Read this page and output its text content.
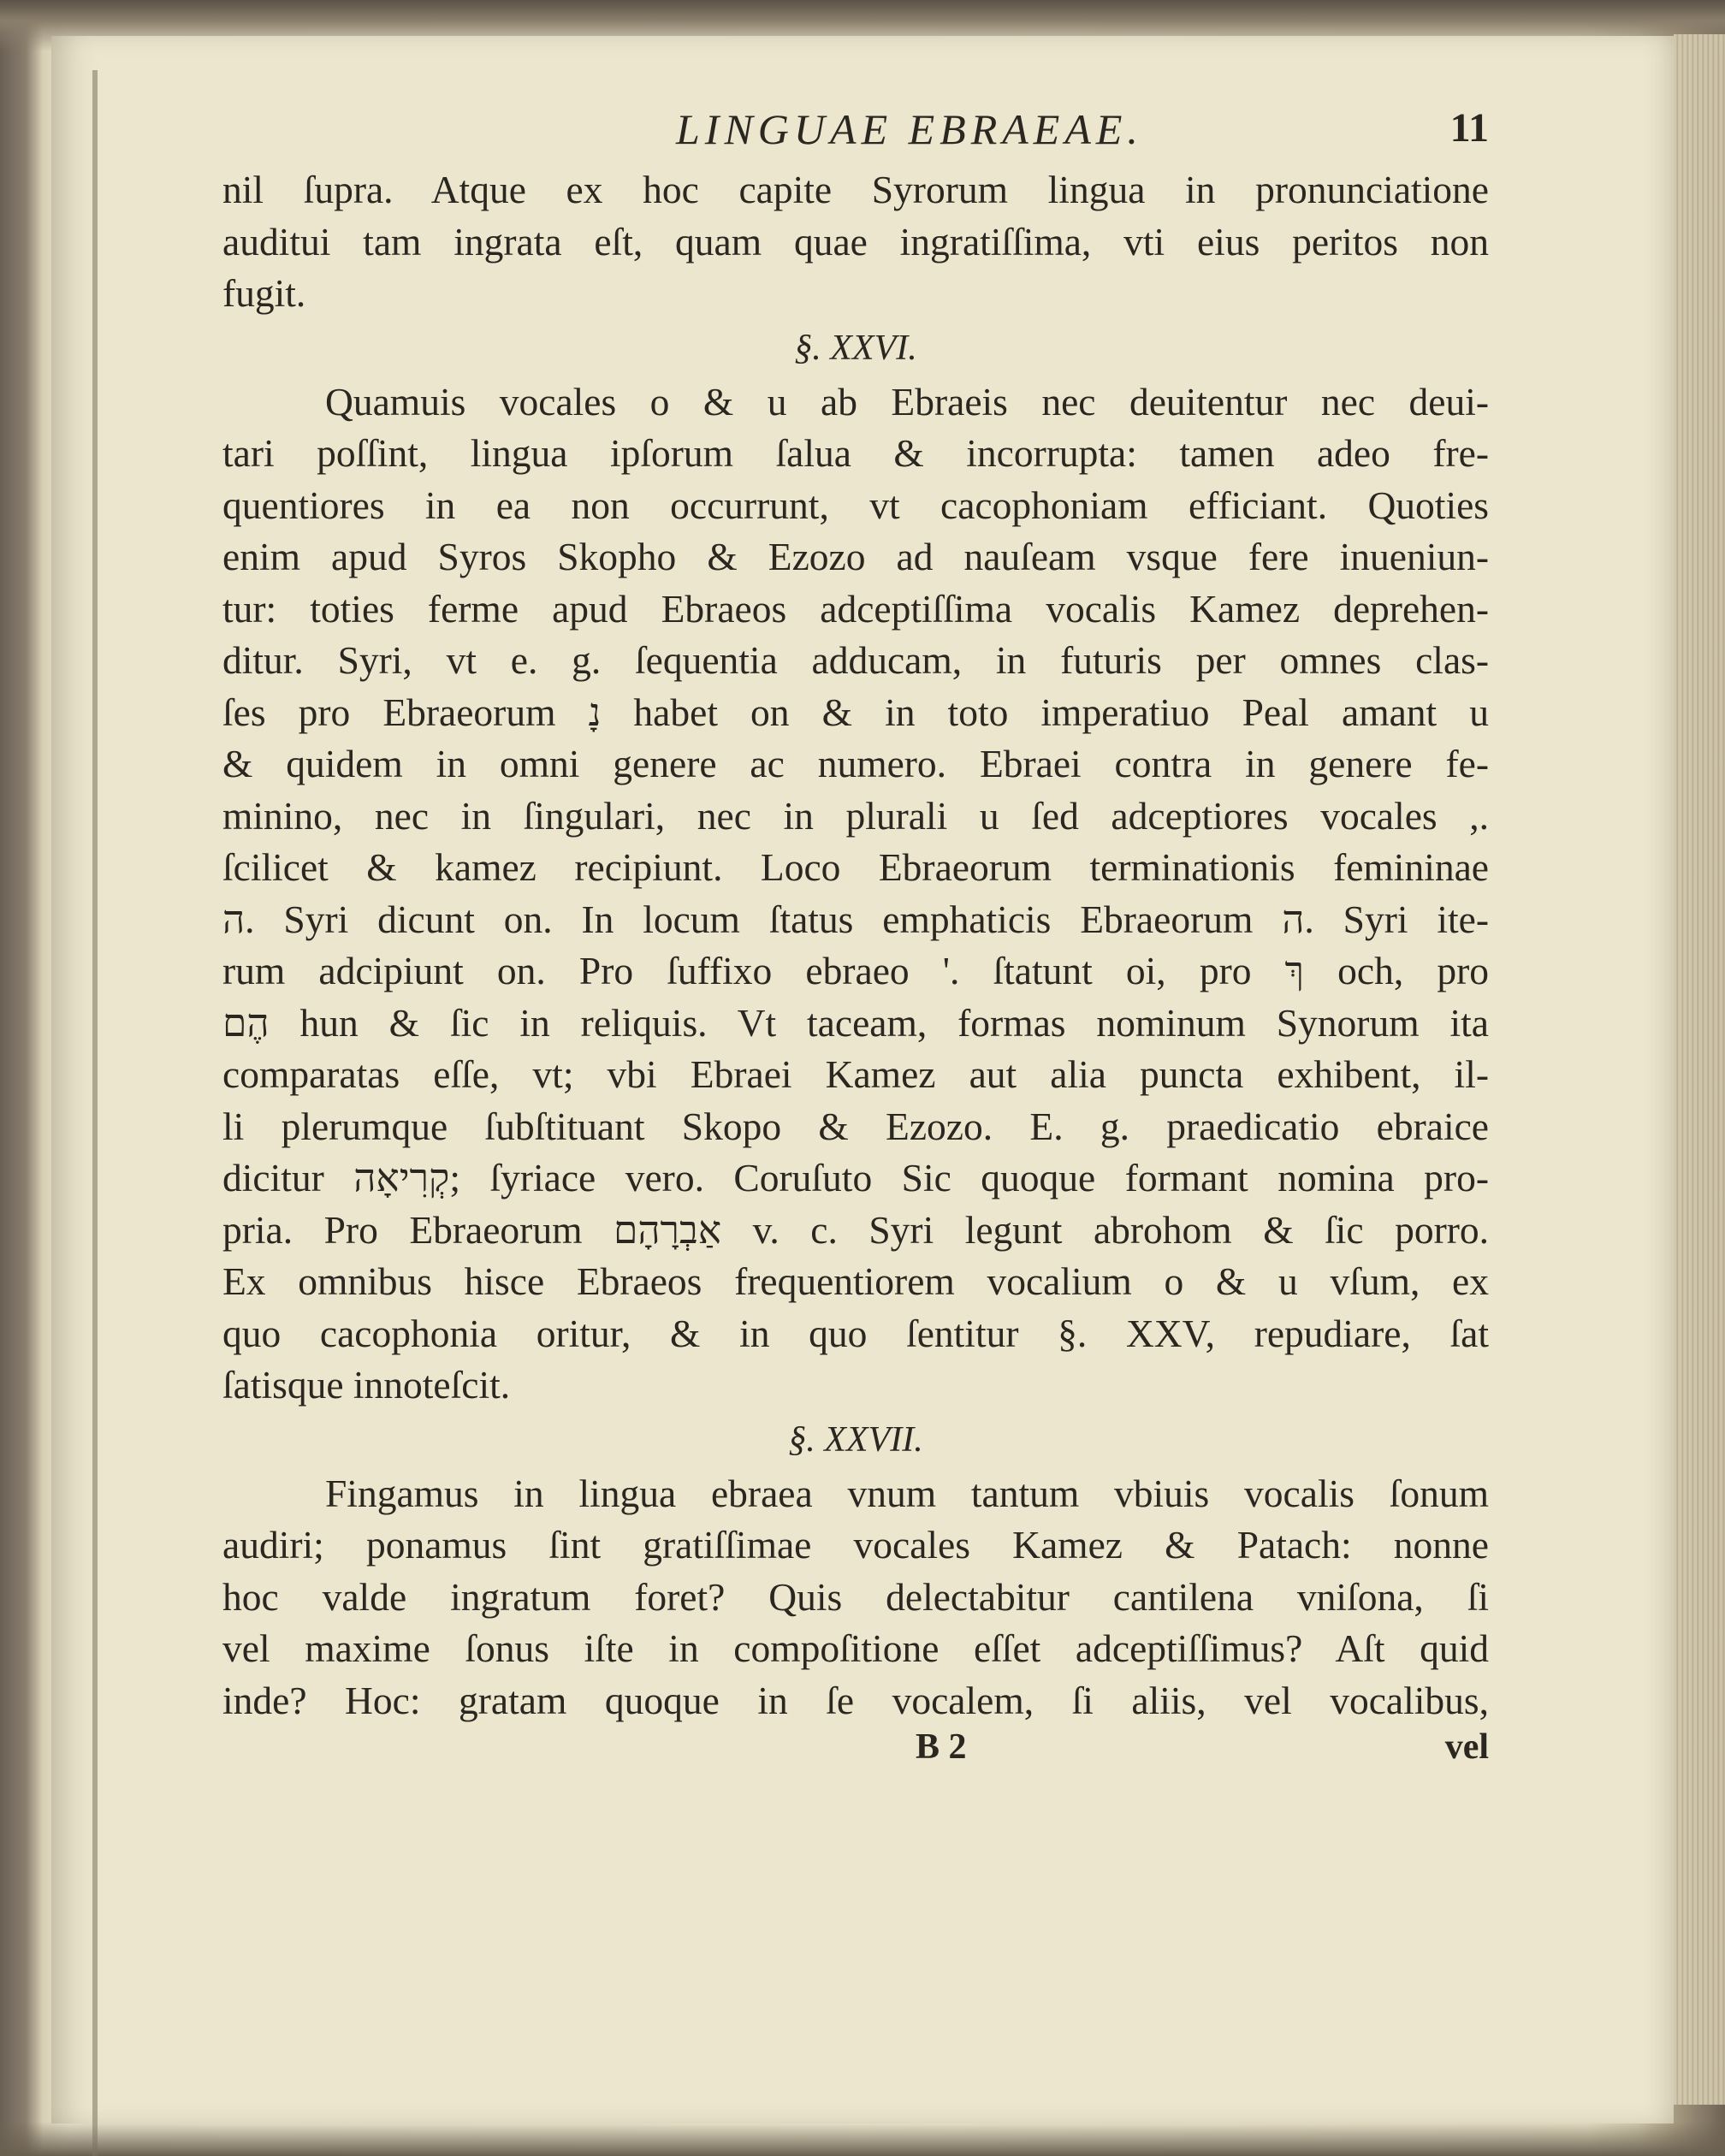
LINGUAE EBRAEAE.	11
nil ſupra. Atque ex hoc capite Syrorum lingua in pronunciatione
auditui tam ingrata eſt, quam quae ingratiſſima, vti eius peritos non
fugit.
§. XXVI.
Quamuis vocales o & u ab Ebraeis nec deuitentur nec deui-
tari poſſint, lingua ipſorum ſalua & incorrupta: tamen adeo fre-
quentiores in ea non occurrunt, vt cacophoniam efficiant. Quoties
enim apud Syros Skopho & Ezozo ad nauſeam vsque fere inueniun-
tur: toties ferme apud Ebraeos adceptiſſima vocalis Kamez deprehen-
ditur. Syri, vt e. g. ſequentia adducam, in futuris per omnes clas-
ſes pro Ebraeorum נָ habet on & in toto imperatiuo Peal amant u
& quidem in omni genere ac numero. Ebraei contra in genere fe-
minino, nec in ſingulari, nec in plurali u ſed adceptiores vocales ,.
ſcilicet & kamez recipiunt. Loco Ebraeorum terminationis femininae
ה. Syri dicunt on. In locum ſtatus emphaticis Ebraeorum ה. Syri ite-
rum adcipiunt on. Pro ſuffixo ebraeo '. ſtatunt oi, pro ךְ och, pro
הֶם hun & ſic in reliquis. Vt taceam, formas nominum Synorum ita
comparatas eſſe, vt; vbi Ebraei Kamez aut alia puncta exhibent, il-
li plerumque ſubſtituant Skopo & Ezozo. E. g. praedicatio ebraice
dicitur קְרִיאָה; ſyriace vero. Coruſuto Sic quoque formant nomina pro-
pria. Pro Ebraeorum אַבְרָהָם v. c. Syri legunt abrohom & ſic porro.
Ex omnibus hisce Ebraeos frequentiorem vocalium o & u vſum, ex
quo cacophonia oritur, & in quo ſentitur §. XXV, repudiare, ſat
ſatisque innoteſcit.
§. XXVII.
Fingamus in lingua ebraea vnum tantum vbiuis vocalis ſonum
audiri; ponamus ſint gratiſſimae vocales Kamez & Patach: nonne
hoc valde ingratum foret? Quis delectabitur cantilena vniſona, ſi
vel maxime ſonus iſte in compoſitione eſſet adceptiſſimus? Aſt quid
inde? Hoc: gratam quoque in ſe vocalem, ſi aliis, vel vocalibus,
B 2	vel
